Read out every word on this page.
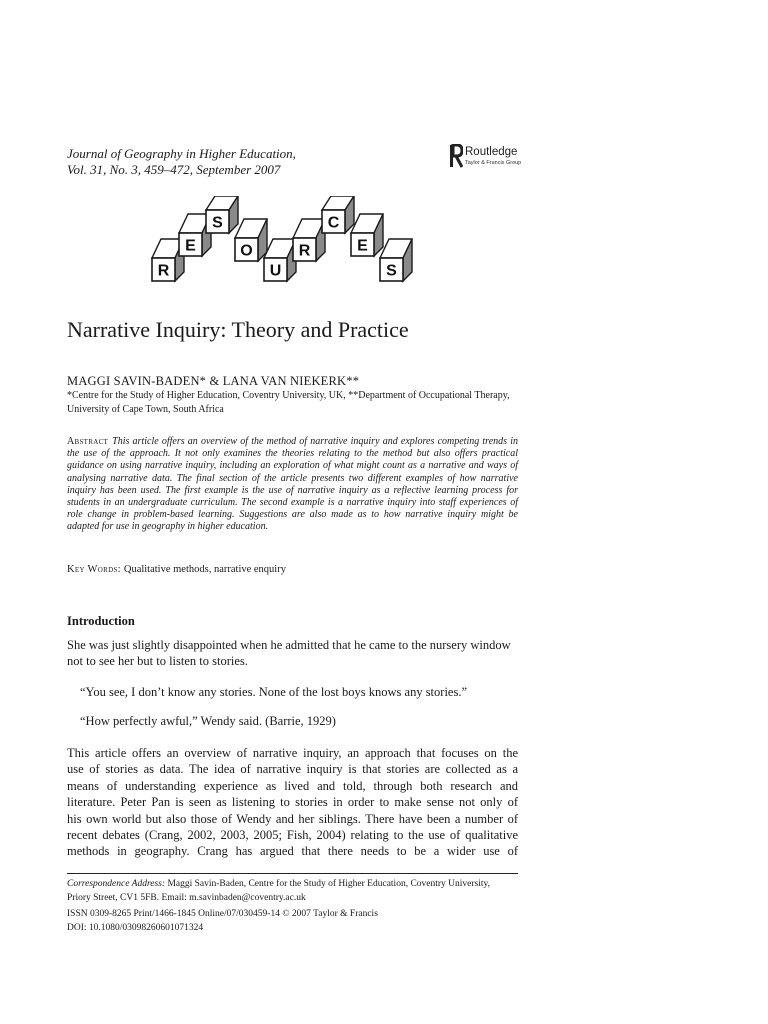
Journal of Geography in Higher Education,
Vol. 31, No. 3, 459–472, September 2007
Routledge
Taylor & Francis Group
R
E
S
O
U
R
C
E
S
Narrative Inquiry: Theory and Practice
MAGGI SAVIN-BADEN* & LANA VAN NIEKERK**
*Centre for the Study of Higher Education, Coventry University, UK, **Department of Occupational Therapy,
University of Cape Town, South Africa
Abstract This article offers an overview of the method of narrative inquiry and explores competing trends in the use of the approach. It not only examines the theories relating to the method but also offers practical guidance on using narrative inquiry, including an exploration of what might count as a narrative and ways of analysing narrative data. The final section of the article presents two different examples of how narrative inquiry has been used. The first example is the use of narrative inquiry as a reflective learning process for students in an undergraduate curriculum. The second example is a narrative inquiry into staff experiences of role change in problem-based learning. Suggestions are also made as to how narrative inquiry might be adapted for use in geography in higher education.
Key Words: Qualitative methods, narrative enquiry
Introduction
She was just slightly disappointed when he admitted that he came to the nursery window
not to see her but to listen to stories.
“You see, I don’t know any stories. None of the lost boys knows any stories.”
“How perfectly awful,” Wendy said. (Barrie, 1929)
This article offers an overview of narrative inquiry, an approach that focuses on the
use of stories as data. The idea of narrative inquiry is that stories are collected as a
means of understanding experience as lived and told, through both research and
literature. Peter Pan is seen as listening to stories in order to make sense not only of
his own world but also those of Wendy and her siblings. There have been a number of
recent debates (Crang, 2002, 2003, 2005; Fish, 2004) relating to the use of qualitative
methods in geography. Crang has argued that there needs to be a wider use of
Correspondence Address: Maggi Savin-Baden, Centre for the Study of Higher Education, Coventry University,
Priory Street, CV1 5FB. Email: m.savinbaden@coventry.ac.uk
ISSN 0309-8265 Print/1466-1845 Online/07/030459-14 © 2007 Taylor & Francis
DOI: 10.1080/03098260601071324
